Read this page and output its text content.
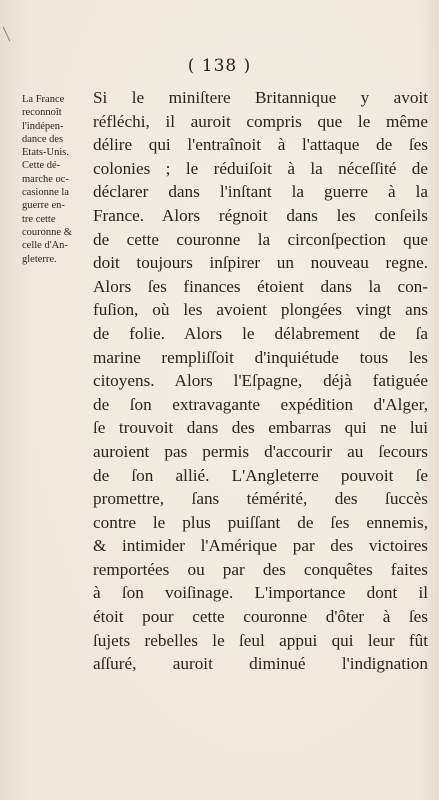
( 138 )
La France
reconnoît
l'indépen-
dance des
Etats-Unis.
Cette dé-
marche oc-
casionne la
guerre en-
tre cette
couronne &
celle d'An-
gleterre.
Si le miniſtere Britannique y avoit
réfléchi, il auroit compris que le même
délire qui l'entraînoit à l'attaque de ſes
colonies ; le réduiſoit à la néceſſité de
déclarer dans l'inſtant la guerre à la
France. Alors régnoit dans les conſeils
de cette couronne la circonſpection que
doit toujours inſpirer un nouveau regne.
Alors ſes finances étoient dans la con-
fuſion, où les avoient plongées vingt ans
de folie. Alors le délabrement de ſa
marine rempliſſoit d'inquiétude tous les
citoyens. Alors l'Eſpagne, déjà fatiguée
de ſon extravagante expédition d'Alger,
ſe trouvoit dans des embarras qui ne lui
auroient pas permis d'accourir au ſecours
de ſon allié. L'Angleterre pouvoit ſe
promettre, ſans témérité, des ſuccès
contre le plus puiſſant de ſes ennemis,
& intimider l'Amérique par des victoires
remportées ou par des conquêtes faites
à ſon voiſinage. L'importance dont il
étoit pour cette couronne d'ôter à ſes
ſujets rebelles le ſeul appui qui leur fût
aſſuré, auroit diminué l'indignation
